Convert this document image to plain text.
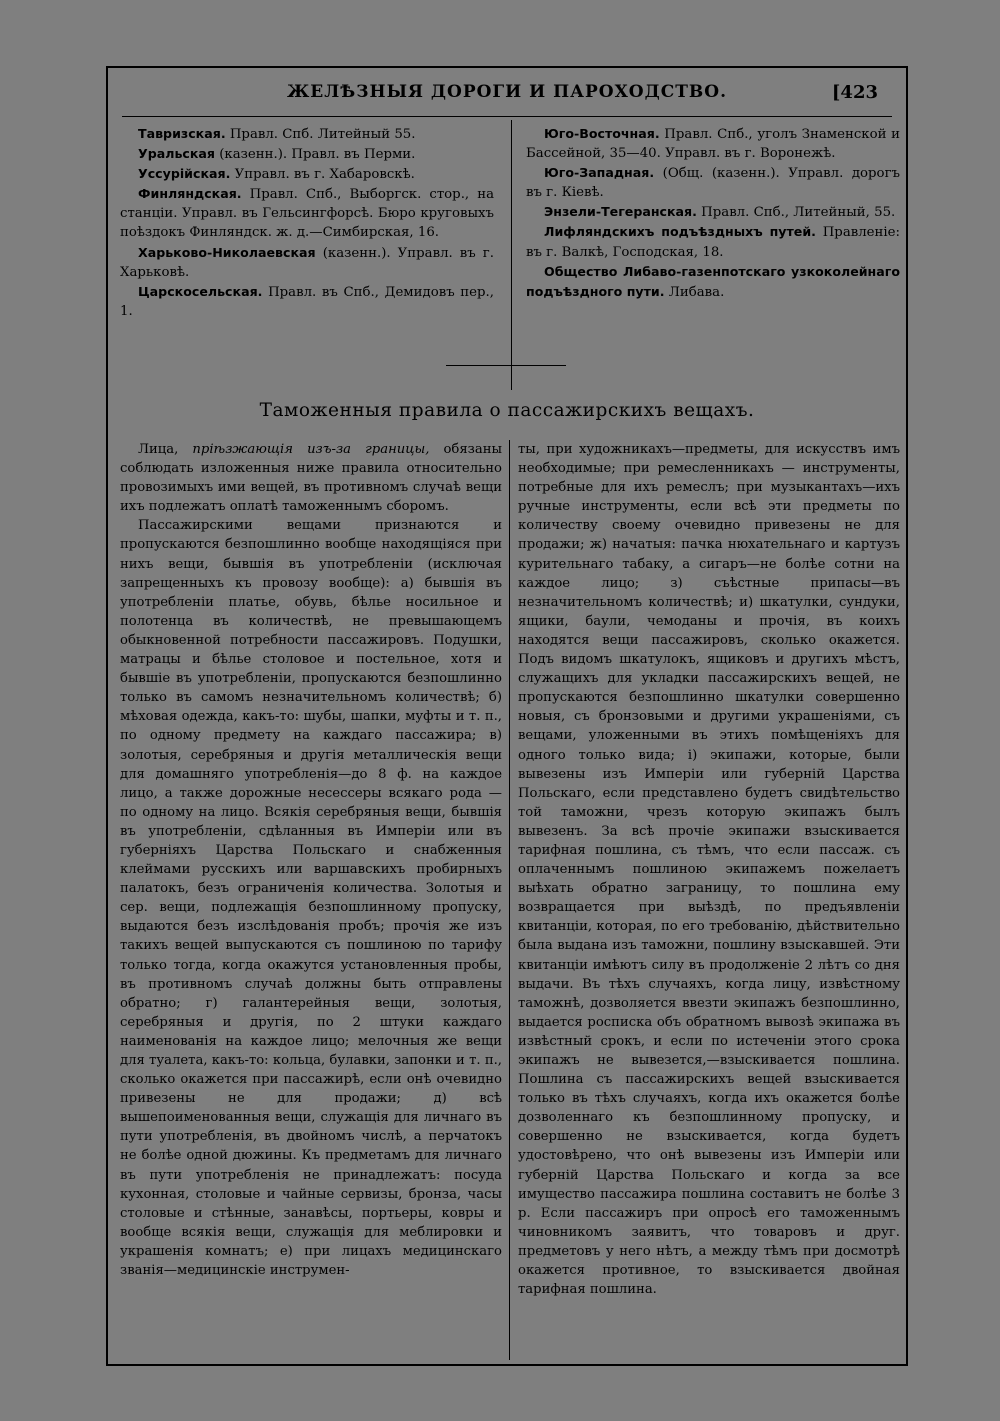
ЖЕЛѢЗНЫЯ ДОРОГИ И ПАРОХОДСТВО.	[423

Тавризская. Правл. Спб. Литейный 55.

Уральская (казенн.). Правл. въ Перми.

Уссурійская. Управл. въ г. Хабаровскѣ.

Финляндская. Правл. Спб., Выборгск. стор., на станціи. Управл. въ Гельсингфорсѣ. Бюро круговыхъ поѣздокъ Финляндск. ж. д.—Симбирская, 16.

Харьково-Николаевская (казенн.). Управл. въ г. Харьковѣ.

Царскосельская. Правл. въ Спб., Демидовъ пер., 1.

Юго-Восточная. Правл. Спб., уголъ Знаменской и Бассейной, 35—40. Управл. въ г. Воронежѣ.

Юго-Западная. (Общ. (казенн.). Управл. дорогъ въ г. Кіевѣ.

Энзели-Тегеранская. Правл. Спб., Литейный, 55.

Лифляндскихъ подъѣздныхъ путей. Правленіе: въ г. Валкѣ, Господская, 18.

Общество Либаво-газенпотскаго узкоколейнаго подъѣздного пути. Либава.

Таможенныя правила о пассажирскихъ вещахъ.

Лица, пріѣзжающія изъ-за границы, обязаны соблюдать изложенныя ниже правила относительно провозимыхъ ими вещей, въ противномъ случаѣ вещи ихъ подлежатъ оплатѣ таможеннымъ сборомъ.

Пассажирскими вещами признаются и пропускаются безпошлинно вообще находящіяся при нихъ вещи, бывшія въ употребленіи (исключая запрещенныхъ къ провозу вообще): а) бывшія въ употребленіи платье, обувь, бѣлье носильное и полотенца въ количествѣ, не превышающемъ обыкновенной потребности пассажировъ. Подушки, матрацы и бѣлье столовое и постельное, хотя и бывшіе въ употребленіи, пропускаются безпошлинно только въ самомъ незначительномъ количествѣ; б) мѣховая одежда, какъ-то: шубы, шапки, муфты и т. п., по одному предмету на каждаго пассажира; в) золотыя, серебряныя и другія металлическія вещи для домашняго употребленія—до 8 ф. на каждое лицо, а также дорожные несессеры всякаго рода — по одному на лицо. Всякія серебряныя вещи, бывшія въ употребленіи, сдѣланныя въ Имперіи или въ губерніяхъ Царства Польскаго и снабженныя клеймами русскихъ или варшавскихъ пробирныхъ палатокъ, безъ ограниченія количества. Золотыя и сер. вещи, подлежащія безпошлинному пропуску, выдаются безъ изслѣдованія пробъ; прочія же изъ такихъ вещей выпускаются съ пошлиною по тарифу только тогда, когда окажутся установленныя пробы, въ противномъ случаѣ должны быть отправлены обратно; г) галантерейныя вещи, золотыя, серебряныя и другія, по 2 штуки каждаго наименованія на каждое лицо; мелочныя же вещи для туалета, какъ-то: кольца, булавки, запонки и т. п., сколько окажется при пассажирѣ, если онѣ очевидно привезены не для продажи; д) всѣ вышепоименованныя вещи, служащія для личнаго въ пути употребленія, въ двойномъ числѣ, а перчатокъ не болѣе одной дюжины. Къ предметамъ для личнаго въ пути употребленія не принадлежатъ: посуда кухонная, столовые и чайные сервизы, бронза, часы столовые и стѣнные, занавѣсы, портьеры, ковры и вообще всякія вещи, служащія для меблировки и украшенія комнатъ; е) при лицахъ медицинскаго званія—медицинскіе инструмен-

ты, при художникахъ—предметы, для искусствъ имъ необходимые; при ремесленникахъ — инструменты, потребные для ихъ ремеслъ; при музыкантахъ—ихъ ручные инструменты, если всѣ эти предметы по количеству своему очевидно привезены не для продажи; ж) начатыя: пачка нюхательнаго и картузъ курительнаго табаку, а сигаръ—не болѣе сотни на каждое лицо; з) съѣстные припасы—въ незначительномъ количествѣ; и) шкатулки, сундуки, ящики, баули, чемоданы и прочія, въ коихъ находятся вещи пассажировъ, сколько окажется. Подъ видомъ шкатулокъ, ящиковъ и другихъ мѣстъ, служащихъ для укладки пассажирскихъ вещей, не пропускаются безпошлинно шкатулки совершенно новыя, съ бронзовыми и другими украшеніями, съ вещами, уложенными въ этихъ помѣщеніяхъ для одного только вида; і) экипажи, которые, были вывезены изъ Имперіи или губерній Царства Польскаго, если представлено будетъ свидѣтельство той таможни, чрезъ которую экипажъ былъ вывезенъ. За всѣ прочіе экипажи взыскивается тарифная пошлина, съ тѣмъ, что если пассаж. съ оплаченнымъ пошлиною экипажемъ пожелаетъ выѣхать обратно заграницу, то пошлина ему возвращается при выѣздѣ, по предъявленіи квитанціи, которая, по его требованію, дѣйствительно была выдана изъ таможни, пошлину взыскавшей. Эти квитанціи имѣютъ силу въ продолженіе 2 лѣтъ со дня выдачи. Въ тѣхъ случаяхъ, когда лицу, извѣстному таможнѣ, дозволяется ввезти экипажъ безпошлинно, выдается росписка объ обратномъ вывозѣ экипажа въ извѣстный срокъ, и если по истеченіи этого срока экипажъ не вывезется,—взыскивается пошлина. Пошлина съ пассажирскихъ вещей взыскивается только въ тѣхъ случаяхъ, когда ихъ окажется болѣе дозволеннаго къ безпошлинному пропуску, и совершенно не взыскивается, когда будетъ удостовѣрено, что онѣ вывезены изъ Имперіи или губерній Царства Польскаго и когда за все имущество пассажира пошлина составитъ не болѣе 3 р. Если пассажиръ при опросѣ его таможеннымъ чиновникомъ заявитъ, что товаровъ и друг. предметовъ у него нѣтъ, а между тѣмъ при досмотрѣ окажется противное, то взыскивается двойная тарифная пошлина.
